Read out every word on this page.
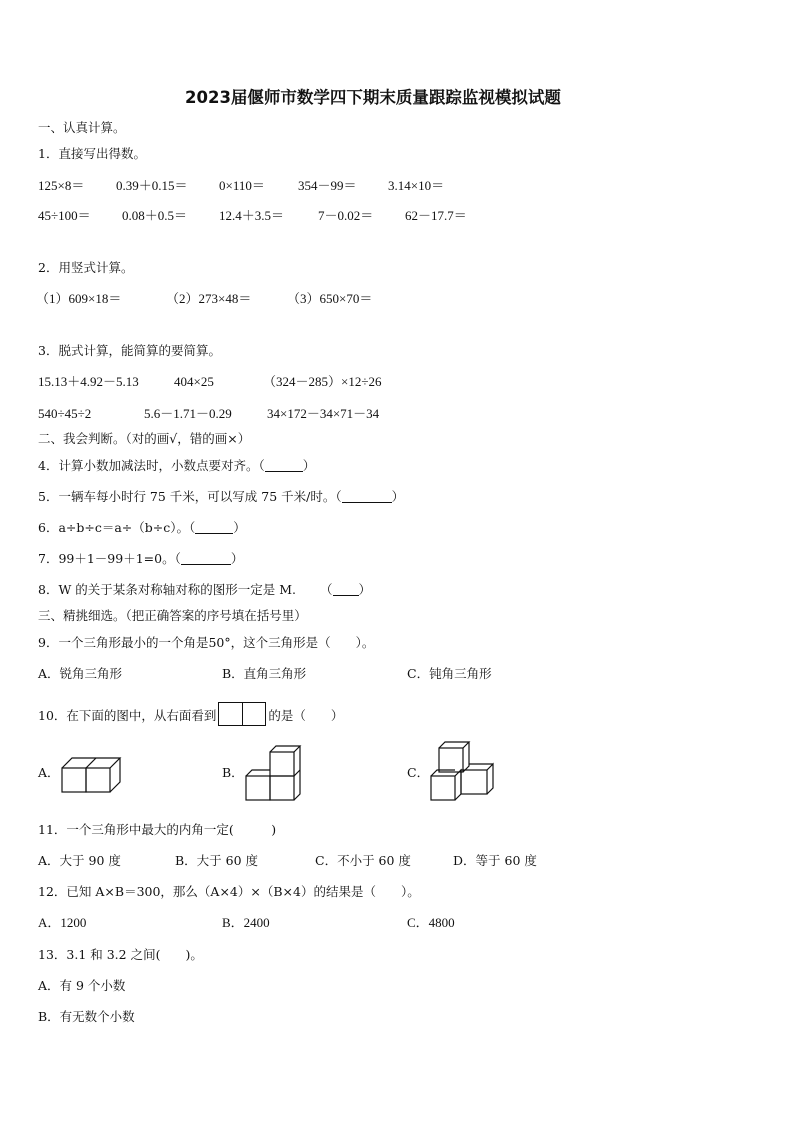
2023届偃师市数学四下期末质量跟踪监视模拟试题
一、认真计算。
1．直接写出得数。
125×8＝ 0.39＋0.15＝ 0×110＝	354－99＝ 3.14×10＝
45÷100＝ 0.08＋0.5＝ 12.4＋3.5＝	7－0.02＝ 62－17.7＝
2．用竖式计算。
（1）609×18＝	（2）273×48＝	（3）650×70＝
3．脱式计算，能简算的要简算。
15.13＋4.92－5.13	404×25	（324－285）×12÷26
540÷45÷2	5.6－1.71－0.29	34×172－34×71－34
二、我会判断。（对的画√，错的画×）
4．计算小数加减法时，小数点要对齐。（	）
5．一辆车每小时行 75 千米，可以写成 75 千米/时。（	）
6．a÷b÷c＝a÷（b÷c）。（	）
7．99＋1－99＋1=0。（	）
8．W 的关于某条对称轴对称的图形一定是 M. （ ）
三、精挑细选。（把正确答案的序号填在括号里）
9．一个三角形最小的一个角是50°，这个三角形是（　　）。
A．锐角三角形	B．直角三角形	C．钝角三角形
10．在下面的图中，从右面看到	的是（　　）
A．	B．	C．
11．一个三角形中最大的内角一定(　　　)
A．大于 90 度	B．大于 60 度	C．不小于 60 度	D．等于 60 度
12．已知 A×B＝300，那么（A×4）×（B×4）的结果是（　　）。
A．1200	B．2400	C．4800
13．3.1 和 3.2 之间(　　)。
A．有 9 个小数
B．有无数个小数
